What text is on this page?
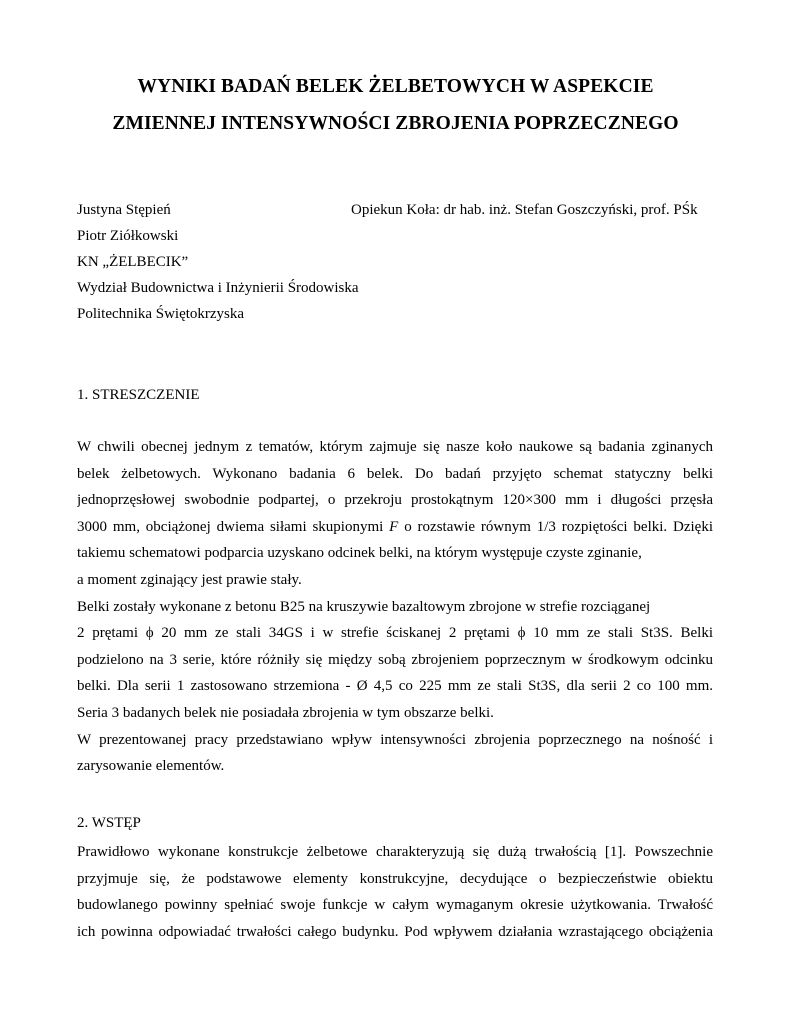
WYNIKI BADAŃ BELEK ŻELBETOWYCH W ASPEKCIE
ZMIENNEJ INTENSYWNOŚCI ZBROJENIA POPRZECZNEGO
Justyna Stępień	Opiekun Koła: dr hab. inż. Stefan Goszczyński, prof. PŚk
Piotr Ziółkowski
KN „ŻELBECIK”
Wydział Budownictwa i Inżynierii Środowiska
Politechnika Świętokrzyska
1. STRESZCZENIE
W chwili obecnej jednym z tematów, którym zajmuje się nasze koło naukowe są badania zginanych
belek żelbetowych. Wykonano badania 6 belek. Do badań przyjęto schemat statyczny belki
jednoprzęsłowej swobodnie podpartej, o przekroju prostokątnym 120×300 mm i długości przęsła
3000 mm, obciążonej dwiema siłami skupionymi F o rozstawie równym 1/3 rozpiętości belki. Dzięki
takiemu schematowi podparcia uzyskano odcinek belki, na którym występuje czyste zginanie,
a moment zginający jest prawie stały.
Belki zostały wykonane z betonu B25 na kruszywie bazaltowym zbrojone w strefie rozciąganej
2 prętami ϕ 20 mm ze stali 34GS i w strefie ściskanej 2 prętami ϕ 10 mm ze stali St3S. Belki
podzielono na 3 serie, które różniły się między sobą zbrojeniem poprzecznym w środkowym odcinku
belki. Dla serii 1 zastosowano strzemiona - Ø 4,5 co 225 mm ze stali St3S, dla serii 2 co 100 mm.
Seria 3 badanych belek nie posiadała zbrojenia w tym obszarze belki.
W prezentowanej pracy przedstawiano wpływ intensywności zbrojenia poprzecznego na nośność i
zarysowanie elementów.
2. WSTĘP
Prawidłowo wykonane konstrukcje żelbetowe charakteryzują się dużą trwałością [1]. Powszechnie
przyjmuje się, że podstawowe elementy konstrukcyjne, decydujące o bezpieczeństwie obiektu
budowlanego powinny spełniać swoje funkcje w całym wymaganym okresie użytkowania. Trwałość
ich powinna odpowiadać trwałości całego budynku. Pod wpływem działania wzrastającego obciążenia
